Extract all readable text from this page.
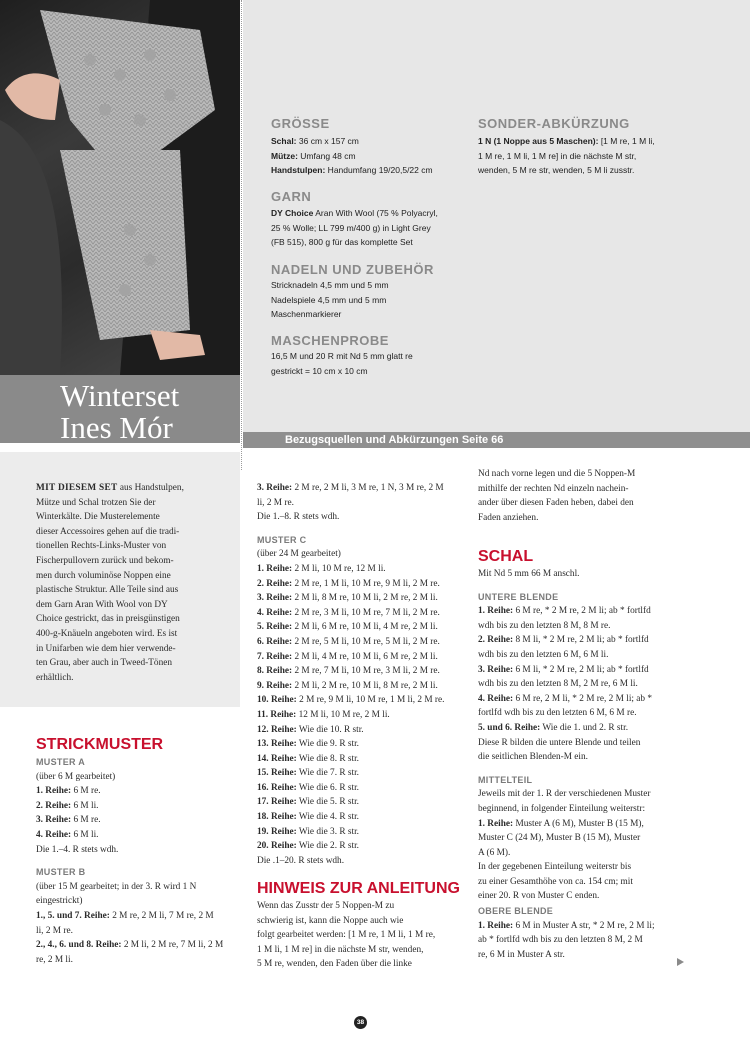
Winterset
Ines Mór
GRÖSSE

Schal: 36 cm x 157 cm
Mütze: Umfang 48 cm
Handstulpen: Handumfang 19/20,5/22 cm

GARN

DY Choice Aran With Wool (75 % Polyacryl,
25 % Wolle; LL 799 m/400 g) in Light Grey
(FB 515), 800 g für das komplette Set

NADELN UND ZUBEHÖR

Stricknadeln 4,5 mm und 5 mm
Nadelspiele 4,5 mm und 5 mm
Maschenmarkierer

MASCHENPROBE

16,5 M und 20 R mit Nd 5 mm glatt re
gestrickt = 10 cm x 10 cm

SONDER-ABKÜRZUNG

1 N (1 Noppe aus 5 Maschen): [1 M re, 1 M li,
1 M re, 1 M li, 1 M re] in die nächste M str,
wenden, 5 M re str, wenden, 5 M li zusstr.

Bezugsquellen und Abkürzungen Seite 66

MIT DIESEM SET aus Handstulpen,
Mütze und Schal trotzen Sie der
Winterkälte. Die Musterelemente
dieser Accessoires gehen auf die tradi-
tionellen Rechts-Links-Muster von
Fischerpullovern zurück und bekom-
men durch voluminöse Noppen eine
plastische Struktur. Alle Teile sind aus
dem Garn Aran With Wool von DY
Choice gestrickt, das in preisgünstigen
400-g-Knäueln angeboten wird. Es ist
in Unifarben wie dem hier verwende-
ten Grau, aber auch in Tweed-Tönen
erhältlich.

STRICKMUSTER

MUSTER A

(über 6 M gearbeitet)

1. Reihe: 6 M re.

2. Reihe: 6 M li.

3. Reihe: 6 M re.

4. Reihe: 6 M li.

Die 1.–4. R stets wdh.

MUSTER B

(über 15 M gearbeitet; in der 3. R wird 1 N
eingestrickt)

1., 5. und 7. Reihe: 2 M re, 2 M li, 7 M re, 2 M
li, 2 M re.

2., 4., 6. und 8. Reihe: 2 M li, 2 M re, 7 M li, 2 M
re, 2 M li.

3. Reihe: 2 M re, 2 M li, 3 M re, 1 N, 3 M re, 2 M
li, 2 M re.

Die 1.–8. R stets wdh.

MUSTER C

(über 24 M gearbeitet)

1. Reihe: 2 M li, 10 M re, 12 M li.

2. Reihe: 2 M re, 1 M li, 10 M re, 9 M li, 2 M re.

3. Reihe: 2 M li, 8 M re, 10 M li, 2 M re, 2 M li.

4. Reihe: 2 M re, 3 M li, 10 M re, 7 M li, 2 M re.

5. Reihe: 2 M li, 6 M re, 10 M li, 4 M re, 2 M li.

6. Reihe: 2 M re, 5 M li, 10 M re, 5 M li, 2 M re.

7. Reihe: 2 M li, 4 M re, 10 M li, 6 M re, 2 M li.

8. Reihe: 2 M re, 7 M li, 10 M re, 3 M li, 2 M re.

9. Reihe: 2 M li, 2 M re, 10 M li, 8 M re, 2 M li.

10. Reihe: 2 M re, 9 M li, 10 M re, 1 M li, 2 M re.

11. Reihe: 12 M li, 10 M re, 2 M li.

12. Reihe: Wie die 10. R str.

13. Reihe: Wie die 9. R str.

14. Reihe: Wie die 8. R str.

15. Reihe: Wie die 7. R str.

16. Reihe: Wie die 6. R str.

17. Reihe: Wie die 5. R str.

18. Reihe: Wie die 4. R str.

19. Reihe: Wie die 3. R str.

20. Reihe: Wie die 2. R str.

Die .1–20. R stets wdh.

HINWEIS ZUR ANLEITUNG

Wenn das Zusstr der 5 Noppen-M zu

schwierig ist, kann die Noppe auch wie

folgt gearbeitet werden: [1 M re, 1 M li, 1 M re,

1 M li, 1 M re] in die nächste M str, wenden,

5 M re, wenden, den Faden über die linke

Nd nach vorne legen und die 5 Noppen-M

mithilfe der rechten Nd einzeln nachein-

ander über diesen Faden heben, dabei den

Faden anziehen.

SCHAL

Mit Nd 5 mm 66 M anschl.

UNTERE BLENDE

1. Reihe: 6 M re, * 2 M re, 2 M li; ab * fortlfd
wdh bis zu den letzten 8 M, 8 M re.

2. Reihe: 8 M li, * 2 M re, 2 M li; ab * fortlfd
wdh bis zu den letzten 6 M, 6 M li.

3. Reihe: 6 M li, * 2 M re, 2 M li; ab * fortlfd
wdh bis zu den letzten 8 M, 2 M re, 6 M li.

4. Reihe: 6 M re, 2 M li, * 2 M re, 2 M li; ab *
fortlfd wdh bis zu den letzten 6 M, 6 M re.

5. und 6. Reihe: Wie die 1. und 2. R str.

Diese R bilden die untere Blende und teilen

die seitlichen Blenden-M ein.

MITTELTEIL

Jeweils mit der 1. R der verschiedenen Muster

beginnend, in folgender Einteilung weiterstr:

1. Reihe: Muster A (6 M), Muster B (15 M),
Muster C (24 M), Muster B (15 M), Muster
A (6 M).

In der gegebenen Einteilung weiterstr bis

zu einer Gesamthöhe von ca. 154 cm; mit

einer 20. R von Muster C enden.

OBERE BLENDE

1. Reihe: 6 M in Muster A str, * 2 M re, 2 M li;
ab * fortlfd wdh bis zu den letzten 8 M, 2 M
re, 6 M in Muster A str.

38
